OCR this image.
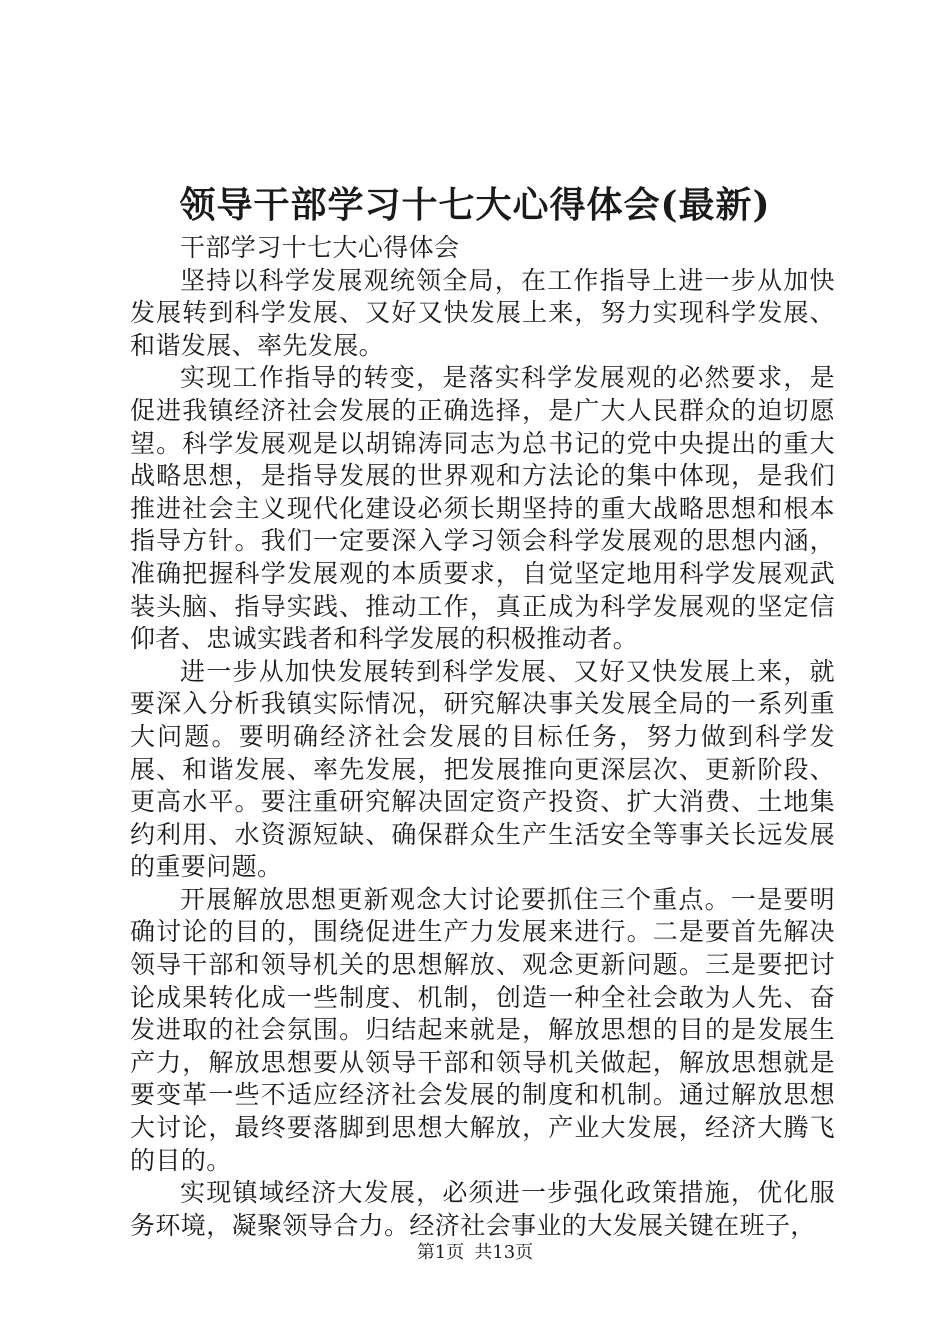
领导干部学习十七大心得体会(最新)

干部学习十七大心得体会

坚持以科学发展观统领全局，在工作指导上进一步从加快发展转到科学发展、又好又快发展上来，努力实现科学发展、和谐发展、率先发展。

实现工作指导的转变，是落实科学发展观的必然要求，是促进我镇经济社会发展的正确选择，是广大人民群众的迫切愿望。科学发展观是以胡锦涛同志为总书记的党中央提出的重大战略思想，是指导发展的世界观和方法论的集中体现，是我们推进社会主义现代化建设必须长期坚持的重大战略思想和根本指导方针。我们一定要深入学习领会科学发展观的思想内涵，准确把握科学发展观的本质要求，自觉坚定地用科学发展观武装头脑、指导实践、推动工作，真正成为科学发展观的坚定信仰者、忠诚实践者和科学发展的积极推动者。

进一步从加快发展转到科学发展、又好又快发展上来，就要深入分析我镇实际情况，研究解决事关发展全局的一系列重大问题。要明确经济社会发展的目标任务，努力做到科学发展、和谐发展、率先发展，把发展推向更深层次、更新阶段、更高水平。要注重研究解决固定资产投资、扩大消费、土地集约利用、水资源短缺、确保群众生产生活安全等事关长远发展的重要问题。

开展解放思想更新观念大讨论要抓住三个重点。一是要明确讨论的目的，围绕促进生产力发展来进行。二是要首先解决领导干部和领导机关的思想解放、观念更新问题。三是要把讨论成果转化成一些制度、机制，创造一种全社会敢为人先、奋发进取的社会氛围。归结起来就是，解放思想的目的是发展生产力，解放思想要从领导干部和领导机关做起，解放思想就是要变革一些不适应经济社会发展的制度和机制。通过解放思想大讨论，最终要落脚到思想大解放，产业大发展，经济大腾飞的目的。

实现镇域经济大发展，必须进一步强化政策措施，优化服务环境，凝聚领导合力。经济社会事业的大发展关键在班子，

第1页 共13页
